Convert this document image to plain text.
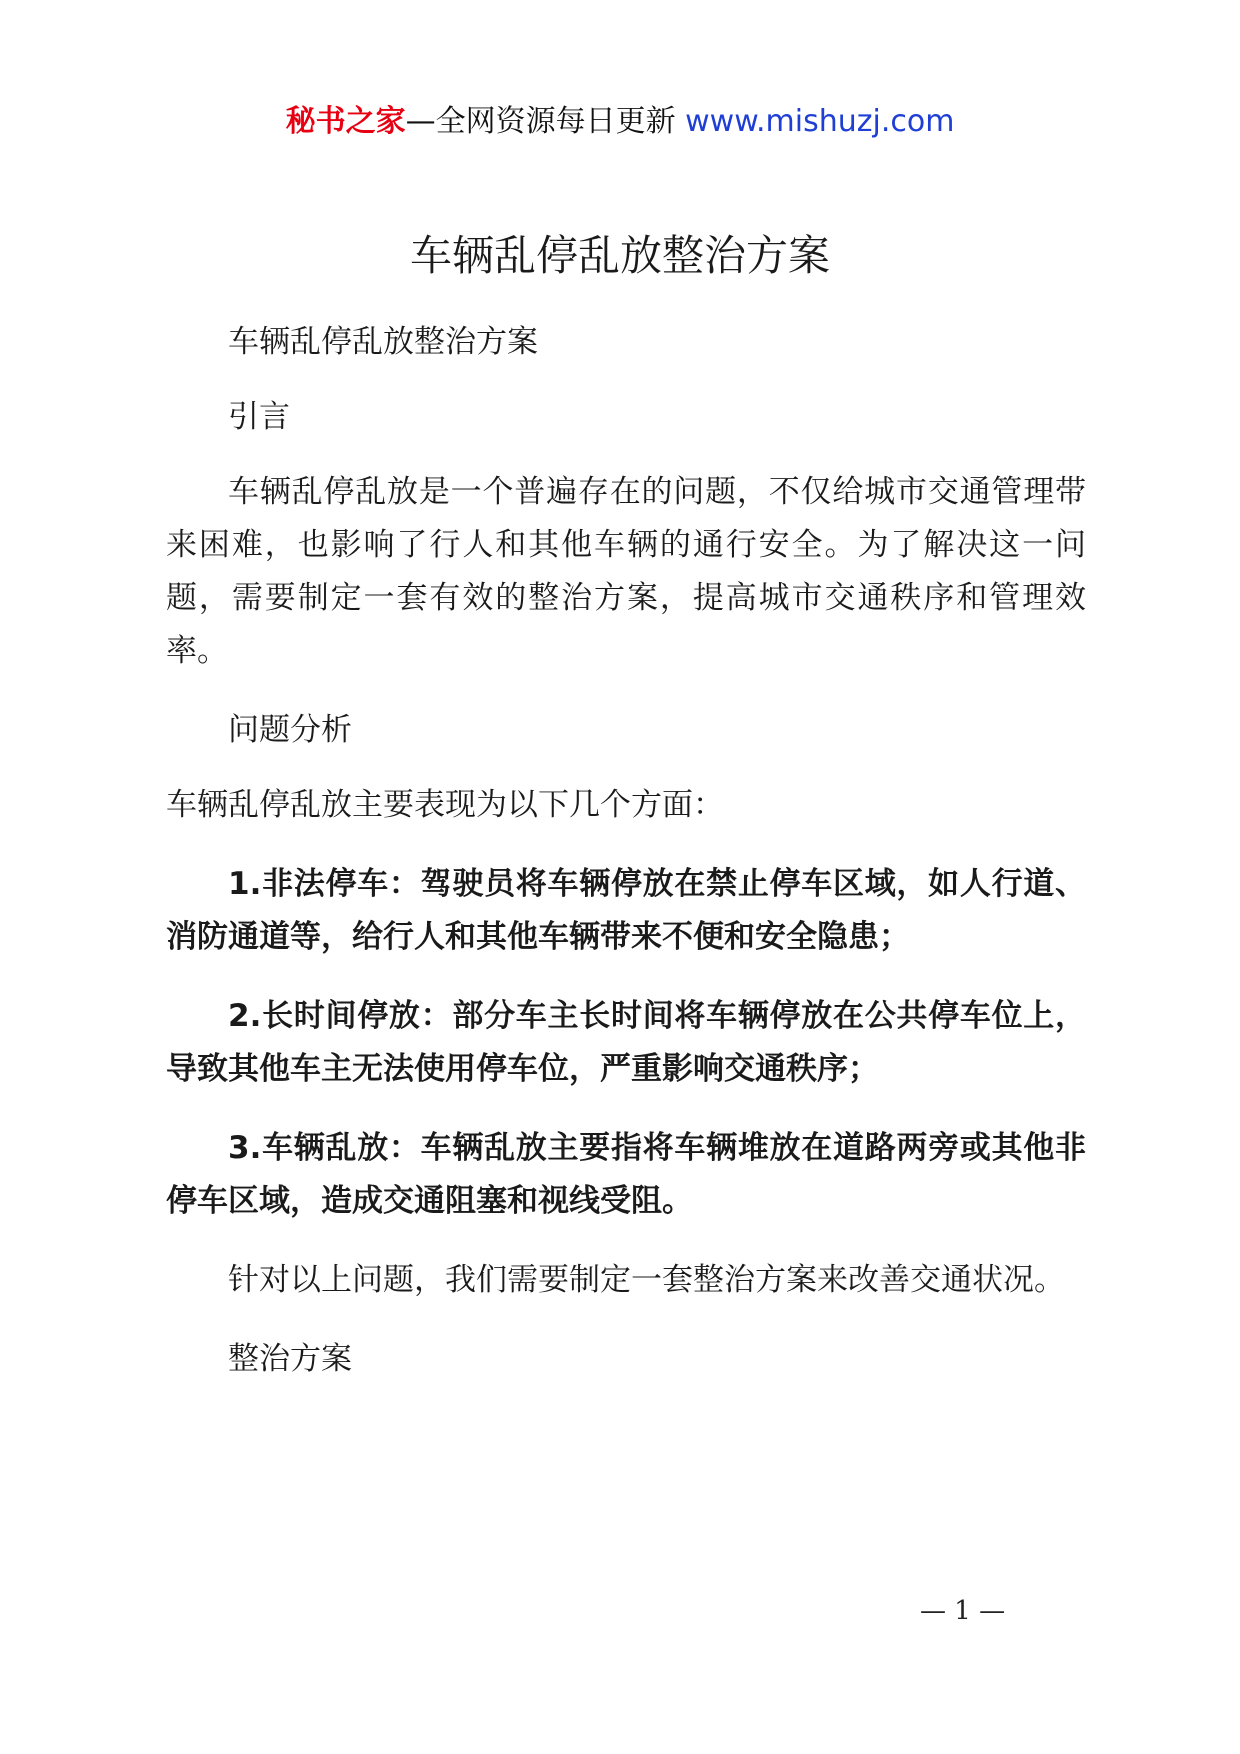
秘书之家—全网资源每日更新 www.mishuzj.com
车辆乱停乱放整治方案

车辆乱停乱放整治方案

引言

车辆乱停乱放是一个普遍存在的问题，不仅给城市交通管理带来困难，也影响了行人和其他车辆的通行安全。为了解决这一问题，需要制定一套有效的整治方案，提高城市交通秩序和管理效率。

问题分析

车辆乱停乱放主要表现为以下几个方面：

1.非法停车：驾驶员将车辆停放在禁止停车区域，如人行道、消防通道等，给行人和其他车辆带来不便和安全隐患；

2.长时间停放：部分车主长时间将车辆停放在公共停车位上，导致其他车主无法使用停车位，严重影响交通秩序；

3.车辆乱放：车辆乱放主要指将车辆堆放在道路两旁或其他非停车区域，造成交通阻塞和视线受阻。

针对以上问题，我们需要制定一套整治方案来改善交通状况。

整治方案

— 1 —
